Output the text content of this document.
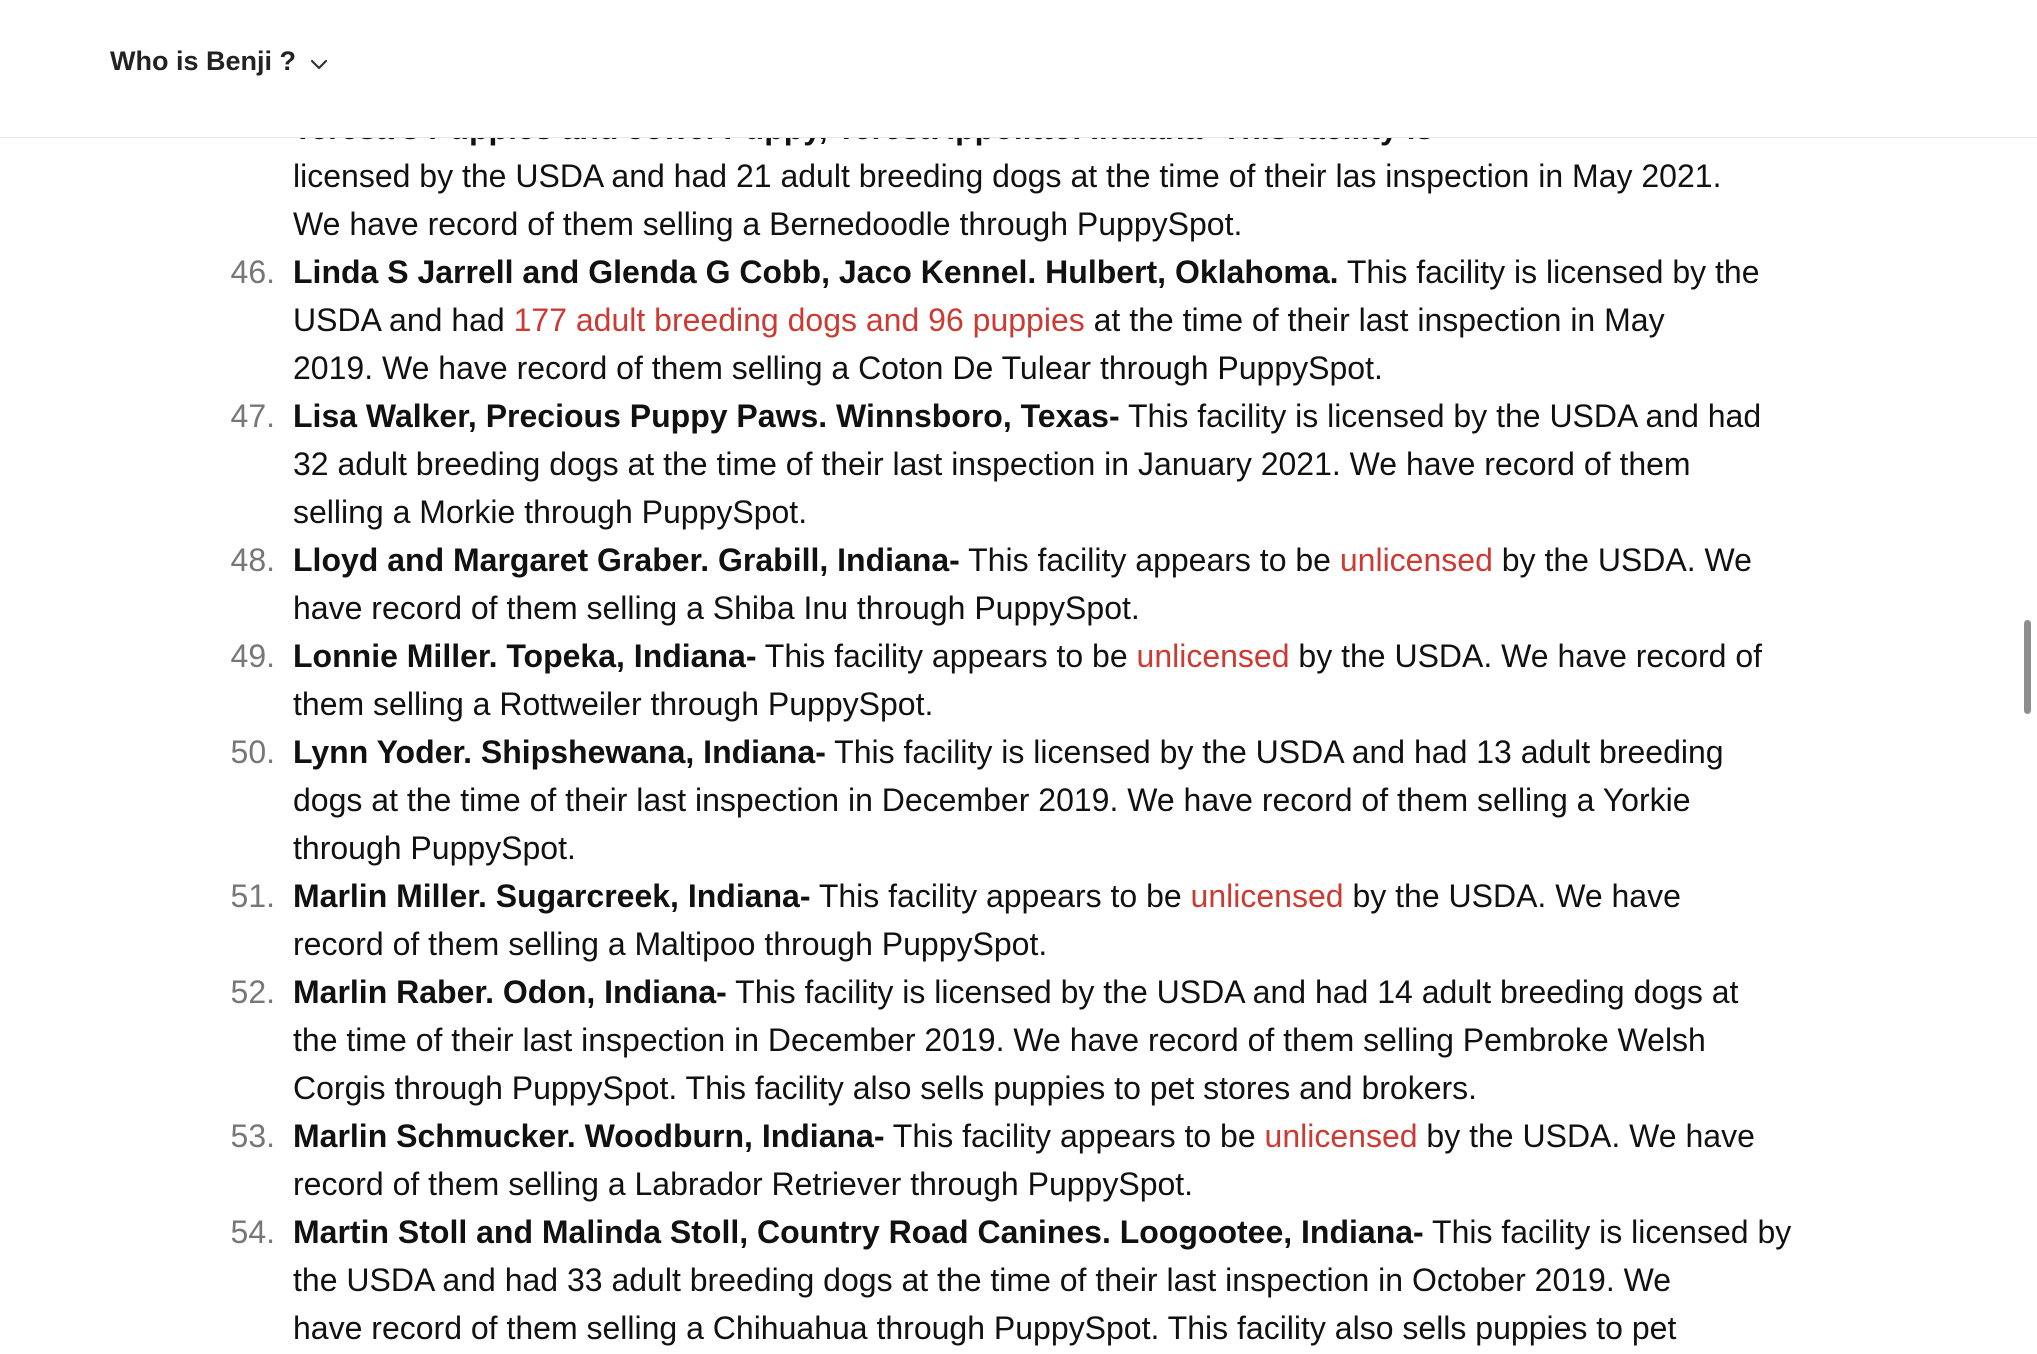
licensed by the USDA and had 21 adult breeding dogs at the time of their las inspection in May 2021.
We have record of them selling a Bernedoodle through PuppySpot.
46. Linda S Jarrell and Glenda G Cobb, Jaco Kennel. Hulbert, Oklahoma. This facility is licensed by the
USDA and had 177 adult breeding dogs and 96 puppies at the time of their last inspection in May
2019. We have record of them selling a Coton De Tulear through PuppySpot.
47. Lisa Walker, Precious Puppy Paws. Winnsboro, Texas- This facility is licensed by the USDA and had
32 adult breeding dogs at the time of their last inspection in January 2021. We have record of them
selling a Morkie through PuppySpot.
48. Lloyd and Margaret Graber. Grabill, Indiana- This facility appears to be unlicensed by the USDA. We
have record of them selling a Shiba Inu through PuppySpot.
49. Lonnie Miller. Topeka, Indiana- This facility appears to be unlicensed by the USDA. We have record of
them selling a Rottweiler through PuppySpot.
50. Lynn Yoder. Shipshewana, Indiana- This facility is licensed by the USDA and had 13 adult breeding
dogs at the time of their last inspection in December 2019. We have record of them selling a Yorkie
through PuppySpot.
51. Marlin Miller. Sugarcreek, Indiana- This facility appears to be unlicensed by the USDA. We have
record of them selling a Maltipoo through PuppySpot.
52. Marlin Raber. Odon, Indiana- This facility is licensed by the USDA and had 14 adult breeding dogs at
the time of their last inspection in December 2019. We have record of them selling Pembroke Welsh
Corgis through PuppySpot. This facility also sells puppies to pet stores and brokers.
53. Marlin Schmucker. Woodburn, Indiana- This facility appears to be unlicensed by the USDA. We have
record of them selling a Labrador Retriever through PuppySpot.
54. Martin Stoll and Malinda Stoll, Country Road Canines. Loogootee, Indiana- This facility is licensed by
the USDA and had 33 adult breeding dogs at the time of their last inspection in October 2019. We
have record of them selling a Chihuahua through PuppySpot. This facility also sells puppies to pet
Who is Benji ?
